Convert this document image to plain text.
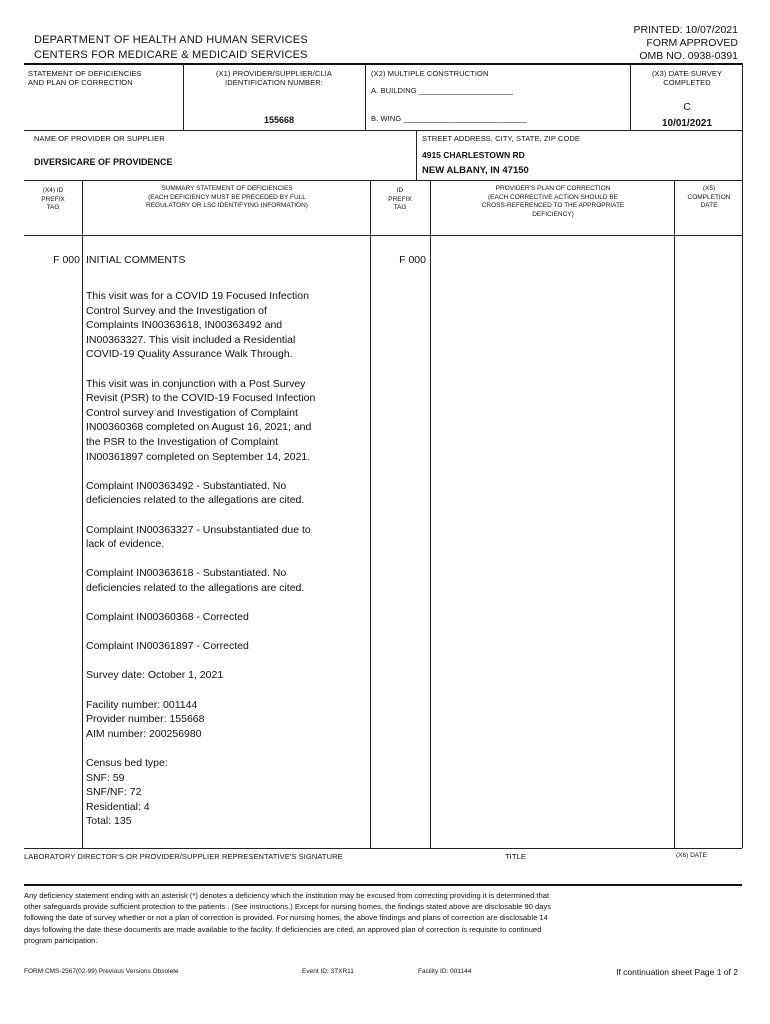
DEPARTMENT OF HEALTH AND HUMAN SERVICES
CENTERS FOR MEDICARE & MEDICAID SERVICES
PRINTED: 10/07/2021
FORM APPROVED
OMB NO. 0938-0391
STATEMENT OF DEFICIENCIES
AND PLAN OF CORRECTION
(X1) PROVIDER/SUPPLIER/CLIA
IDENTIFICATION NUMBER:
155668
(X2) MULTIPLE CONSTRUCTION
A. BUILDING ______________________
B. WING _____________________________
(X3) DATE SURVEY
COMPLETED
C
10/01/2021
NAME OF PROVIDER OR SUPPLIER
DIVERSICARE OF PROVIDENCE
STREET ADDRESS, CITY, STATE, ZIP CODE
4915 CHARLESTOWN RD
NEW ALBANY, IN 47150
(X4) ID
PREFIX
TAG
SUMMARY STATEMENT OF DEFICIENCIES
(EACH DEFICIENCY MUST BE PRECEDED BY FULL
REGULATORY OR LSC IDENTIFYING INFORMATION)
ID
PREFIX
TAG
PROVIDER'S PLAN OF CORRECTION
(EACH CORRECTIVE ACTION SHOULD BE
CROSS-REFERENCED TO THE APPROPRIATE
DEFICIENCY)
(X5)
COMPLETION
DATE
F 000	F 000
INITIAL COMMENTS

This visit was for a COVID 19 Focused Infection
Control Survey and the Investigation of
Complaints IN00363618, IN00363492 and
IN00363327. This visit included a Residential
COVID-19 Quality Assurance Walk Through.

This visit was in conjunction with a Post Survey
Revisit (PSR) to the COVID-19 Focused Infection
Control survey and Investigation of Complaint
IN00360368 completed on August 16, 2021; and
the PSR to the Investigation of Complaint
IN00361897 completed on September 14, 2021.

Complaint IN00363492 - Substantiated. No
deficiencies related to the allegations are cited.

Complaint IN00363327 - Unsubstantiated due to
lack of evidence.

Complaint IN00363618 - Substantiated. No
deficiencies related to the allegations are cited.

Complaint IN00360368 - Corrected

Complaint IN00361897 - Corrected

Survey date: October 1, 2021

Facility number: 001144
Provider number: 155668
AIM number: 200256980

Census bed type:
SNF: 59
SNF/NF: 72
Residential: 4
Total: 135

LABORATORY DIRECTOR'S OR PROVIDER/SUPPLIER REPRESENTATIVE'S SIGNATURE	TITLE	(X6) DATE
Any deficiency statement ending with an asterisk (*) denotes a deficiency which the institution may be excused from correcting providing it is determined that
other safeguards provide sufficient protection to the patients . (See instructions.) Except for nursing homes, the findings stated above are disclosable 90 days
following the date of survey whether or not a plan of correction is provided. For nursing homes, the above findings and plans of correction are disclosable 14
days following the date these documents are made available to the facility. If deficiencies are cited, an approved plan of correction is requisite to continued
program participation.
FORM CMS-2567(02-99) Previous Versions Obsolete	Event ID: 3TXR11	Facility ID: 001144	If continuation sheet Page 1 of 2
